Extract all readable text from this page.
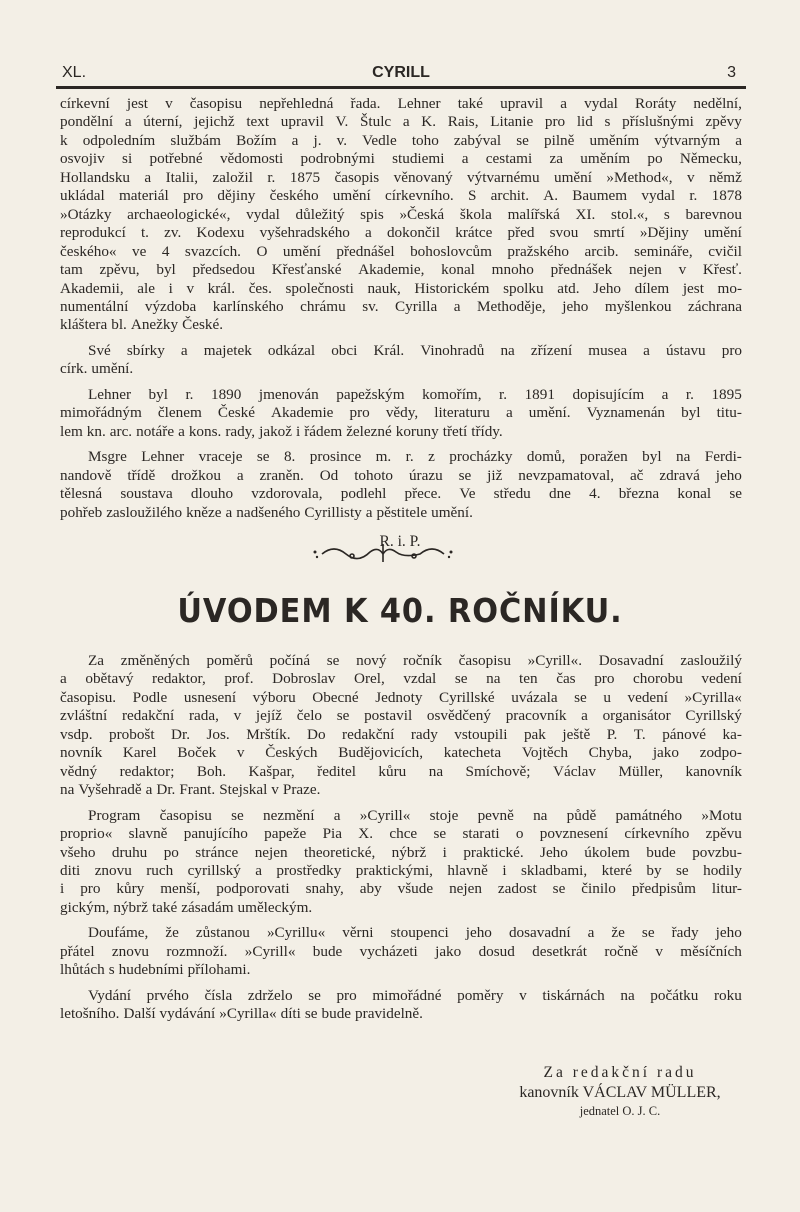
XL.	CYRILL	3
církevní jest v časopisu nepřehledná řada. Lehner také upravil a vydal Roráty nedělní,
pondělní a úterní, jejichž text upravil V. Štulc a K. Rais, Litanie pro lid s příslušnými zpěvy
k odpoledním službám Božím a j. v. Vedle toho zabýval se pilně uměním výtvarným a
osvojiv si potřebné vědomosti podrobnými studiemi a cestami za uměním po Německu,
Hollandsku a Italii, založil r. 1875 časopis věnovaný výtvarnému umění »Method«, v němž
ukládal materiál pro dějiny českého umění církevního. S archit. A. Baumem vydal r. 1878
»Otázky archaeologické«, vydal důležitý spis »Česká škola malířská XI. stol.«, s barevnou
reprodukcí t. zv. Kodexu vyšehradského a dokončil krátce před svou smrtí »Dějiny umění
českého« ve 4 svazcích. O umění přednášel bohoslovcům pražského arcib. semináře, cvičil
tam zpěvu, byl předsedou Křesťanské Akademie, konal mnoho přednášek nejen v Křesť.
Akademii, ale i v král. čes. společnosti nauk, Historickém spolku atd. Jeho dílem jest mo-
numentální výzdoba karlínského chrámu sv. Cyrilla a Methoděje, jeho myšlenkou záchrana
kláštera bl. Anežky České.
Své sbírky a majetek odkázal obci Král. Vinohradů na zřízení musea a ústavu pro
círk. umění.
Lehner byl r. 1890 jmenován papežským komořím, r. 1891 dopisujícím a r. 1895
mimořádným členem České Akademie pro vědy, literaturu a umění. Vyznamenán byl titu-
lem kn. arc. notáře a kons. rady, jakož i řádem železné koruny třetí třídy.
Msgre Lehner vraceje se 8. prosince m. r. z procházky domů, poražen byl na Ferdi-
nandově třídě drožkou a zraněn. Od tohoto úrazu se již nevzpamatoval, ač zdravá jeho
tělesná soustava dlouho vzdorovala, podlehl přece. Ve středu dne 4. března konal se
pohřeb zasloužilého kněze a nadšeného Cyrillisty a pěstitele umění.
R. i. P.
ÚVODEM K 40. ROČNÍKU.
Za změněných poměrů počíná se nový ročník časopisu »Cyrill«. Dosavadní zasloužilý
a obětavý redaktor, prof. Dobroslav Orel, vzdal se na ten čas pro chorobu vedení
časopisu. Podle usnesení výboru Obecné Jednoty Cyrillské uvázala se u vedení »Cyrilla«
zvláštní redakční rada, v jejíž čelo se postavil osvědčený pracovník a organisátor Cyrillský
vsdp. probošt Dr. Jos. Mrštík. Do redakční rady vstoupili pak ještě P. T. pánové ka-
novník Karel Boček v Českých Budějovicích, katecheta Vojtěch Chyba, jako zodpo-
vědný redaktor; Boh. Kašpar, ředitel kůru na Smíchově; Václav Müller, kanovník
na Vyšehradě a Dr. Frant. Stejskal v Praze.
Program časopisu se nezmění a »Cyrill« stoje pevně na půdě památného »Motu
proprio« slavně panujícího papeže Pia X. chce se starati o povznesení církevního zpěvu
všeho druhu po stránce nejen theoretické, nýbrž i praktické. Jeho úkolem bude povzbu-
diti znovu ruch cyrillský a prostředky praktickými, hlavně i skladbami, které by se hodily
i pro kůry menší, podporovati snahy, aby všude nejen zadost se činilo předpisům litur-
gickým, nýbrž také zásadám uměleckým.
Doufáme, že zůstanou »Cyrillu« věrni stoupenci jeho dosavadní a že se řady jeho
přátel znovu rozmnoží. »Cyrill« bude vycházeti jako dosud desetkrát ročně v měsíčních
lhůtách s hudebními přílohami.
Vydání prvého čísla zdrželo se pro mimořádné poměry v tiskárnách na počátku roku
letošního. Další vydávání »Cyrilla« díti se bude pravidelně.
Za redakční radu
kanovník VÁCLAV MÜLLER,
jednatel O. J. C.
